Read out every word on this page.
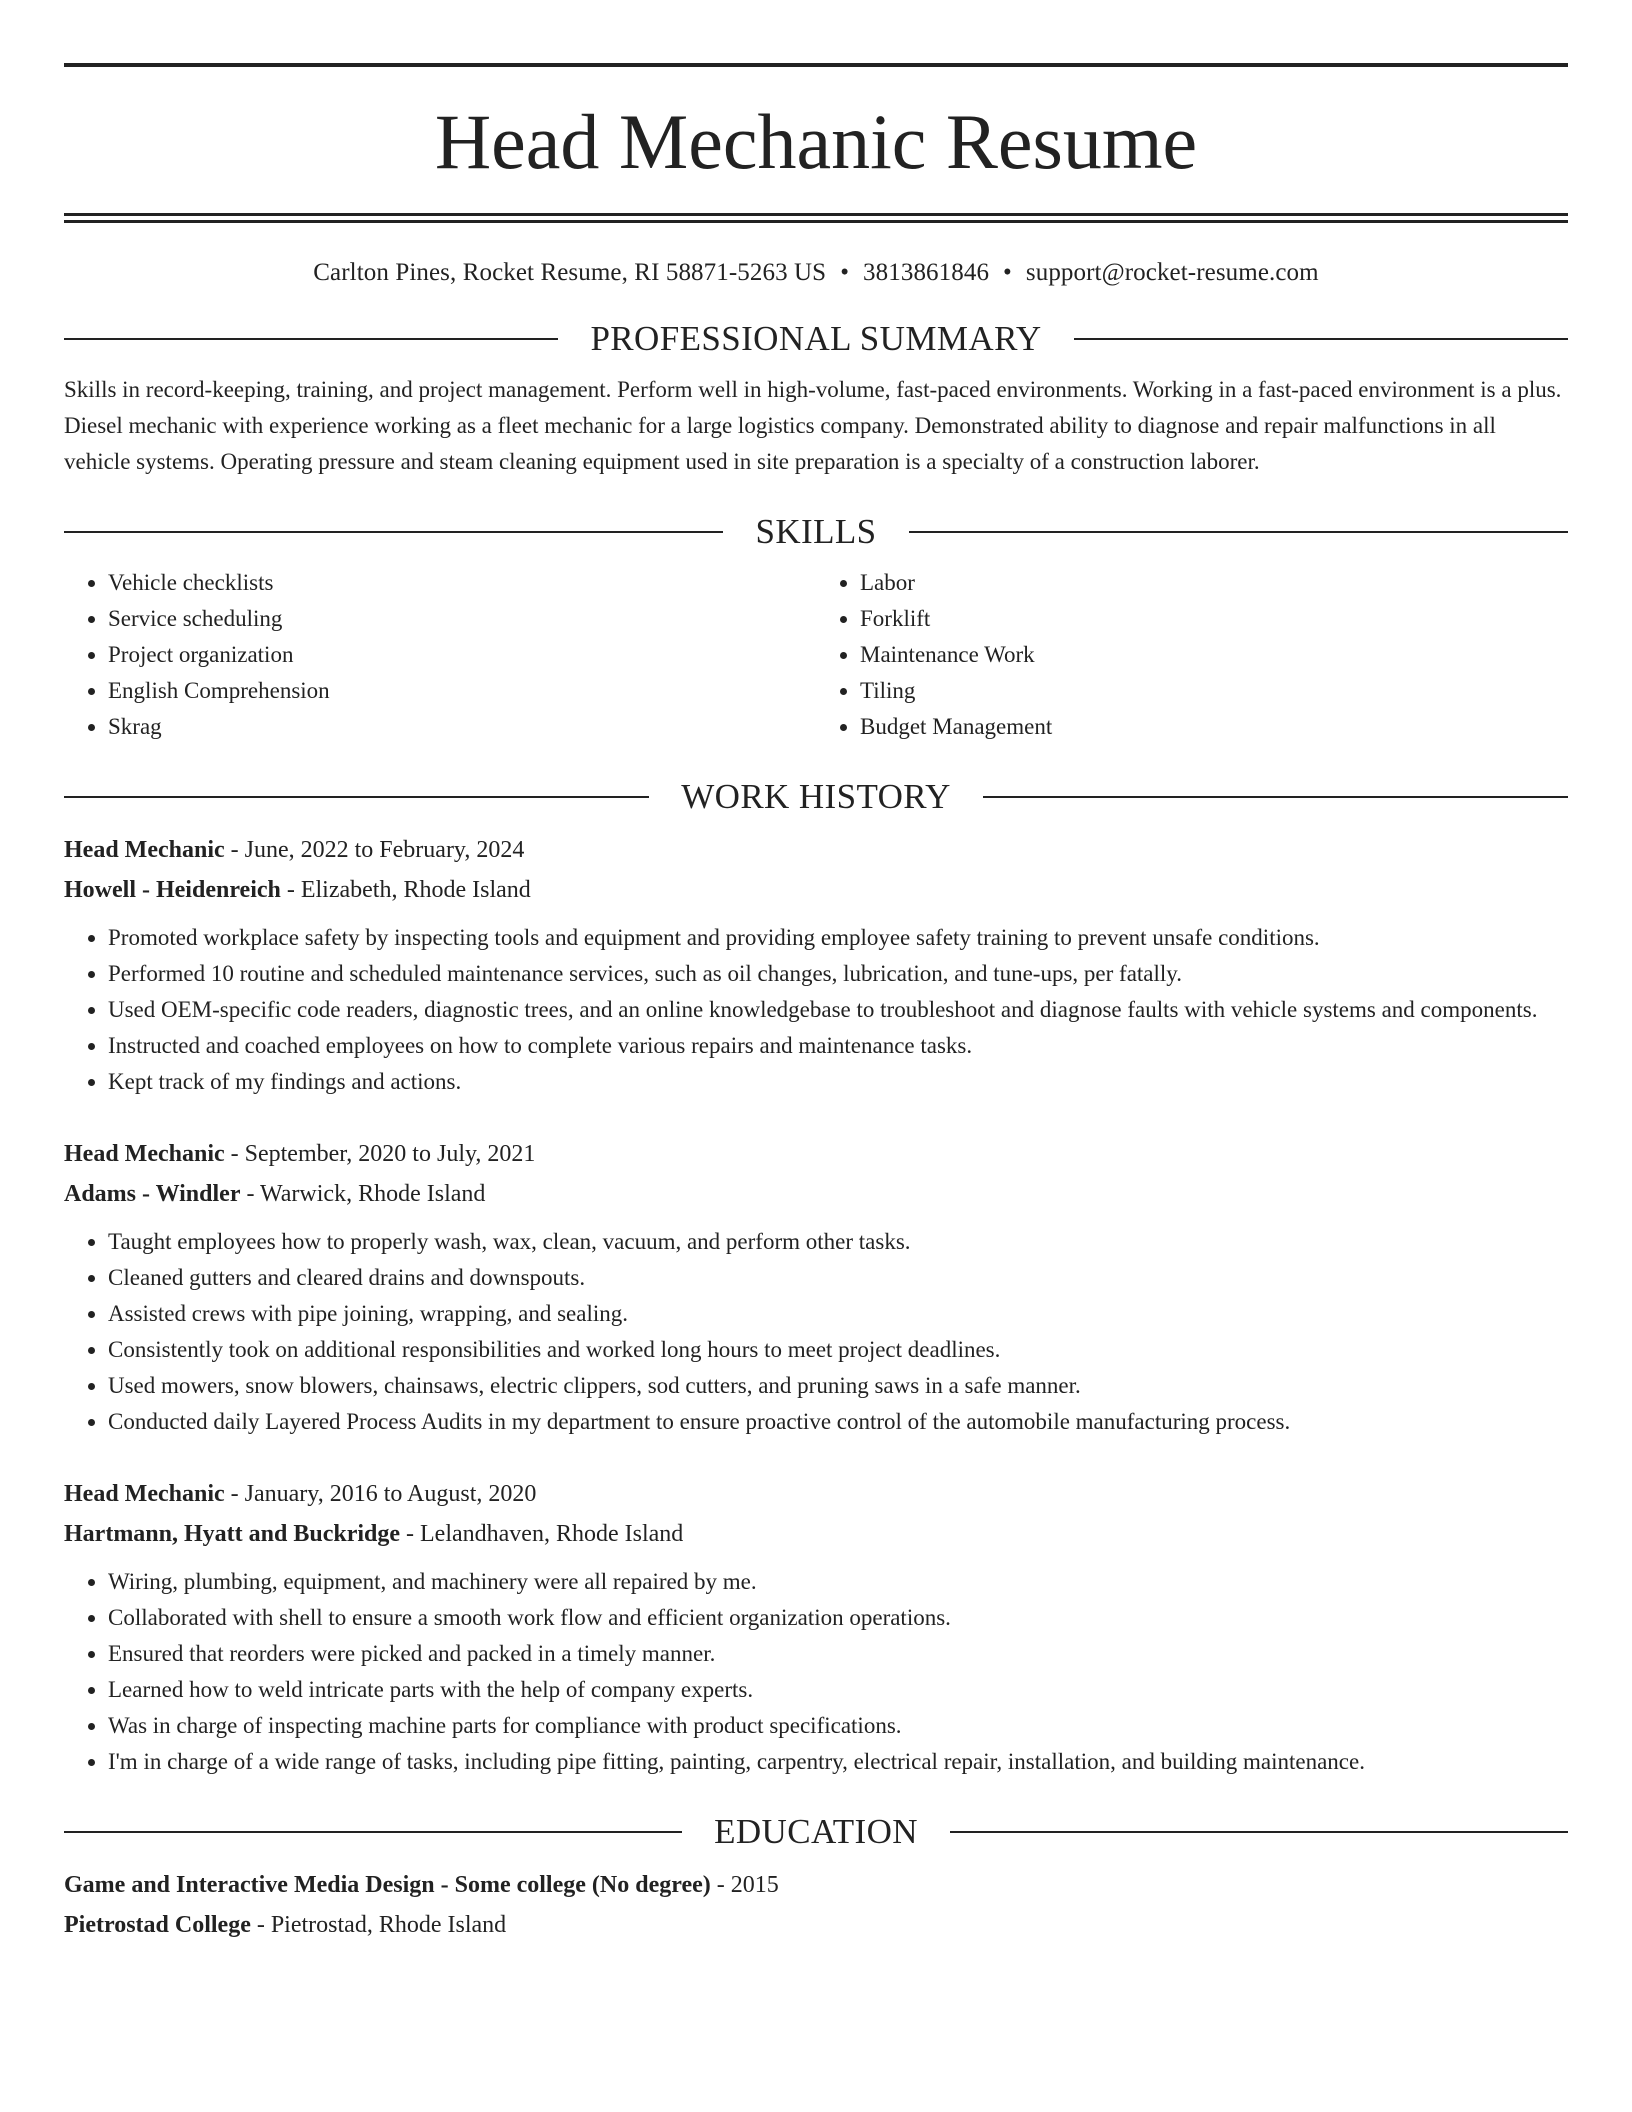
Head Mechanic Resume
Carlton Pines, Rocket Resume, RI 58871-5263 US • 3813861846 • support@rocket-resume.com
PROFESSIONAL SUMMARY

Skills in record-keeping, training, and project management. Perform well in high-volume, fast-paced environments. Working in a fast-paced environment is a plus. Diesel mechanic with experience working as a fleet mechanic for a large logistics company. Demonstrated ability to diagnose and repair malfunctions in all vehicle systems. Operating pressure and steam cleaning equipment used in site preparation is a specialty of a construction laborer.

SKILLS
• Vehicle checklists
• Service scheduling
• Project organization
• English Comprehension
• Skrag
• Labor
• Forklift
• Maintenance Work
• Tiling
• Budget Management
WORK HISTORY
Head Mechanic - June, 2022 to February, 2024
Howell - Heidenreich - Elizabeth, Rhode Island
• Promoted workplace safety by inspecting tools and equipment and providing employee safety training to prevent unsafe conditions.
• Performed 10 routine and scheduled maintenance services, such as oil changes, lubrication, and tune-ups, per fatally.
• Used OEM-specific code readers, diagnostic trees, and an online knowledgebase to troubleshoot and diagnose faults with vehicle systems and components.
• Instructed and coached employees on how to complete various repairs and maintenance tasks.
• Kept track of my findings and actions.
Head Mechanic - September, 2020 to July, 2021
Adams - Windler - Warwick, Rhode Island
• Taught employees how to properly wash, wax, clean, vacuum, and perform other tasks.
• Cleaned gutters and cleared drains and downspouts.
• Assisted crews with pipe joining, wrapping, and sealing.
• Consistently took on additional responsibilities and worked long hours to meet project deadlines.
• Used mowers, snow blowers, chainsaws, electric clippers, sod cutters, and pruning saws in a safe manner.
• Conducted daily Layered Process Audits in my department to ensure proactive control of the automobile manufacturing process.
Head Mechanic - January, 2016 to August, 2020
Hartmann, Hyatt and Buckridge - Lelandhaven, Rhode Island
• Wiring, plumbing, equipment, and machinery were all repaired by me.
• Collaborated with shell to ensure a smooth work flow and efficient organization operations.
• Ensured that reorders were picked and packed in a timely manner.
• Learned how to weld intricate parts with the help of company experts.
• Was in charge of inspecting machine parts for compliance with product specifications.
• I'm in charge of a wide range of tasks, including pipe fitting, painting, carpentry, electrical repair, installation, and building maintenance.
EDUCATION
Game and Interactive Media Design - Some college (No degree) - 2015
Pietrostad College - Pietrostad, Rhode Island
